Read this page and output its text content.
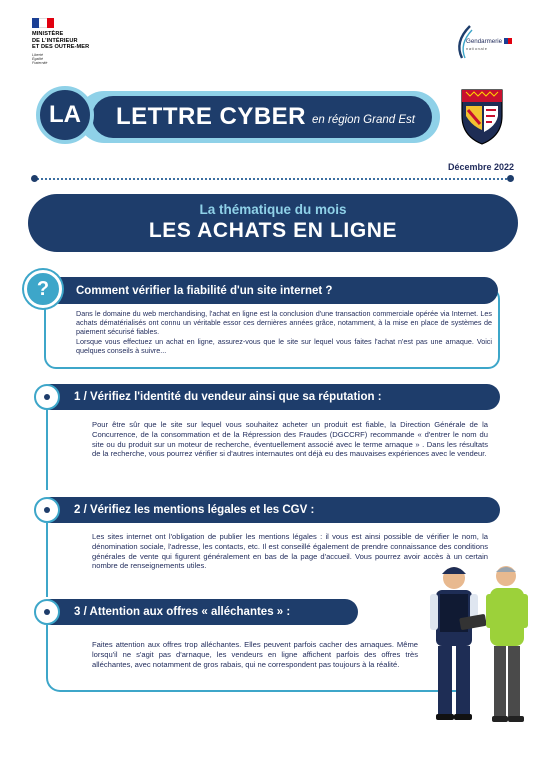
MINISTÈRE
DE L'INTÉRIEUR
ET DES OUTRE-MER
Liberté
Égalité
Fraternité
Gendarmerie
nationale
LETTRE CYBER en région Grand Est
LA
Décembre 2022
La thématique du mois
LES ACHATS EN LIGNE
Comment vérifier la fiabilité d'un site internet ?
?

Dans le domaine du web merchandising, l'achat en ligne est la conclusion d'une transaction commerciale opérée via Internet. Les achats dématérialisés ont connu un véritable essor ces dernières années grâce, notamment, à la mise en place de systèmes de paiement sécurisé fiables.

Lorsque vous effectuez un achat en ligne, assurez-vous que le site sur lequel vous faites l'achat n'est pas une arnaque. Voici quelques conseils à suivre...

1 / Vérifiez l'identité du vendeur ainsi que sa réputation :
Pour être sûr que le site sur lequel vous souhaitez acheter un produit est fiable, la Direction Générale de la Concurrence, de la consommation et de la Répression des Fraudes (DGCCRF) recommande « d'entrer le nom du site ou du produit sur un moteur de recherche, éventuellement associé avec le terme arnaque » . Dans les résultats de la recherche, vous pourrez vérifier si d'autres internautes ont déjà eu des mauvaises expériences avec le vendeur.
2 / Vérifiez les mentions légales et les CGV :
Les sites internet ont l'obligation de publier les mentions légales : il vous est ainsi possible de vérifier le nom, la dénomination sociale, l'adresse, les contacts, etc. Il est conseillé également de prendre connaissance des conditions générales de vente qui figurent généralement en bas de la page d'accueil. Vous pourrez avoir accès à un certain nombre de renseignements utiles.
3 / Attention aux offres « alléchantes » :
Faites attention aux offres trop alléchantes. Elles peuvent parfois cacher des arnaques. Même lorsqu'il ne s'agit pas d'arnaque, les vendeurs en ligne affichent parfois des offres très alléchantes, avec notamment de gros rabais, qui ne correspondent pas toujours à la réalité.
